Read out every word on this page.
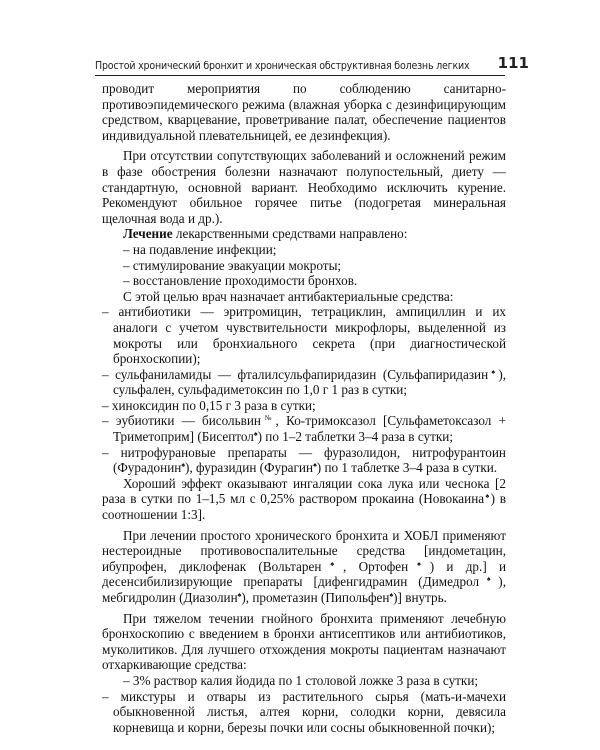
Простой хронический бронхит и хроническая обструктивная болезнь легких 111

проводит мероприятия по соблюдению санитарно-противоэпидемического режима (влажная уборка с дезинфицирующим средством, кварцевание, проветривание палат, обеспечение пациентов индивидуальной плевательницей, ее дезинфекция).

При отсутствии сопутствующих заболеваний и осложнений режим в фазе обострения болезни назначают полупостельный, диету — стандартную, основной вариант. Необходимо исключить курение. Рекомендуют обильное горячее питье (подогретая минеральная щелочная вода и др.).

Лечение лекарственными средствами направлено:

– на подавление инфекции;

– стимулирование эвакуации мокроты;

– восстановление проходимости бронхов.

С этой целью врач назначает антибактериальные средства:

– антибиотики — эритромицин, тетрациклин, ампициллин и их аналоги с учетом чувствительности микрофлоры, выделенной из мокроты или бронхиального секрета (при диагностической бронхоскопии);

– сульфаниламиды — фталилсульфапиридазин (Сульфапиридазин♠), сульфален, сульфадиметоксин по 1,0 г 1 раз в сутки;

– хиноксидин по 0,15 г 3 раза в сутки;

– эубиотики — бисольвин№, Ко-тримоксазол [Сульфаметоксазол + Триметоприм] (Бисептол♠) по 1–2 таблетки 3–4 раза в сутки;

– нитрофурановые препараты — фуразолидон, нитрофурантоин (Фурадонин♠), фуразидин (Фурагин♠) по 1 таблетке 3–4 раза в сутки.

Хороший эффект оказывают ингаляции сока лука или чеснока [2 раза в сутки по 1–1,5 мл с 0,25% раствором прокаина (Новокаина♠) в соотношении 1:3].

При лечении простого хронического бронхита и ХОБЛ применяют нестероидные противовоспалительные средства [индометацин, ибупрофен, диклофенак (Вольтарен♠, Ортофен♠) и др.] и десенсибилизирующие препараты [дифенгидрамин (Димедрол♠), мебгидролин (Диазолин♠), прометазин (Пипольфен♠)] внутрь.

При тяжелом течении гнойного бронхита применяют лечебную бронхоскопию с введением в бронхи антисептиков или антибиотиков, муколитиков. Для лучшего отхождения мокроты пациентам назначают отхаркивающие средства:

– 3% раствор калия йодида по 1 столовой ложке 3 раза в сутки;

– микстуры и отвары из растительного сырья (мать-и-мачехи обыкновенной листья, алтея корни, солодки корни, девясила корневища и корни, березы почки или сосны обыкновенной почки);
